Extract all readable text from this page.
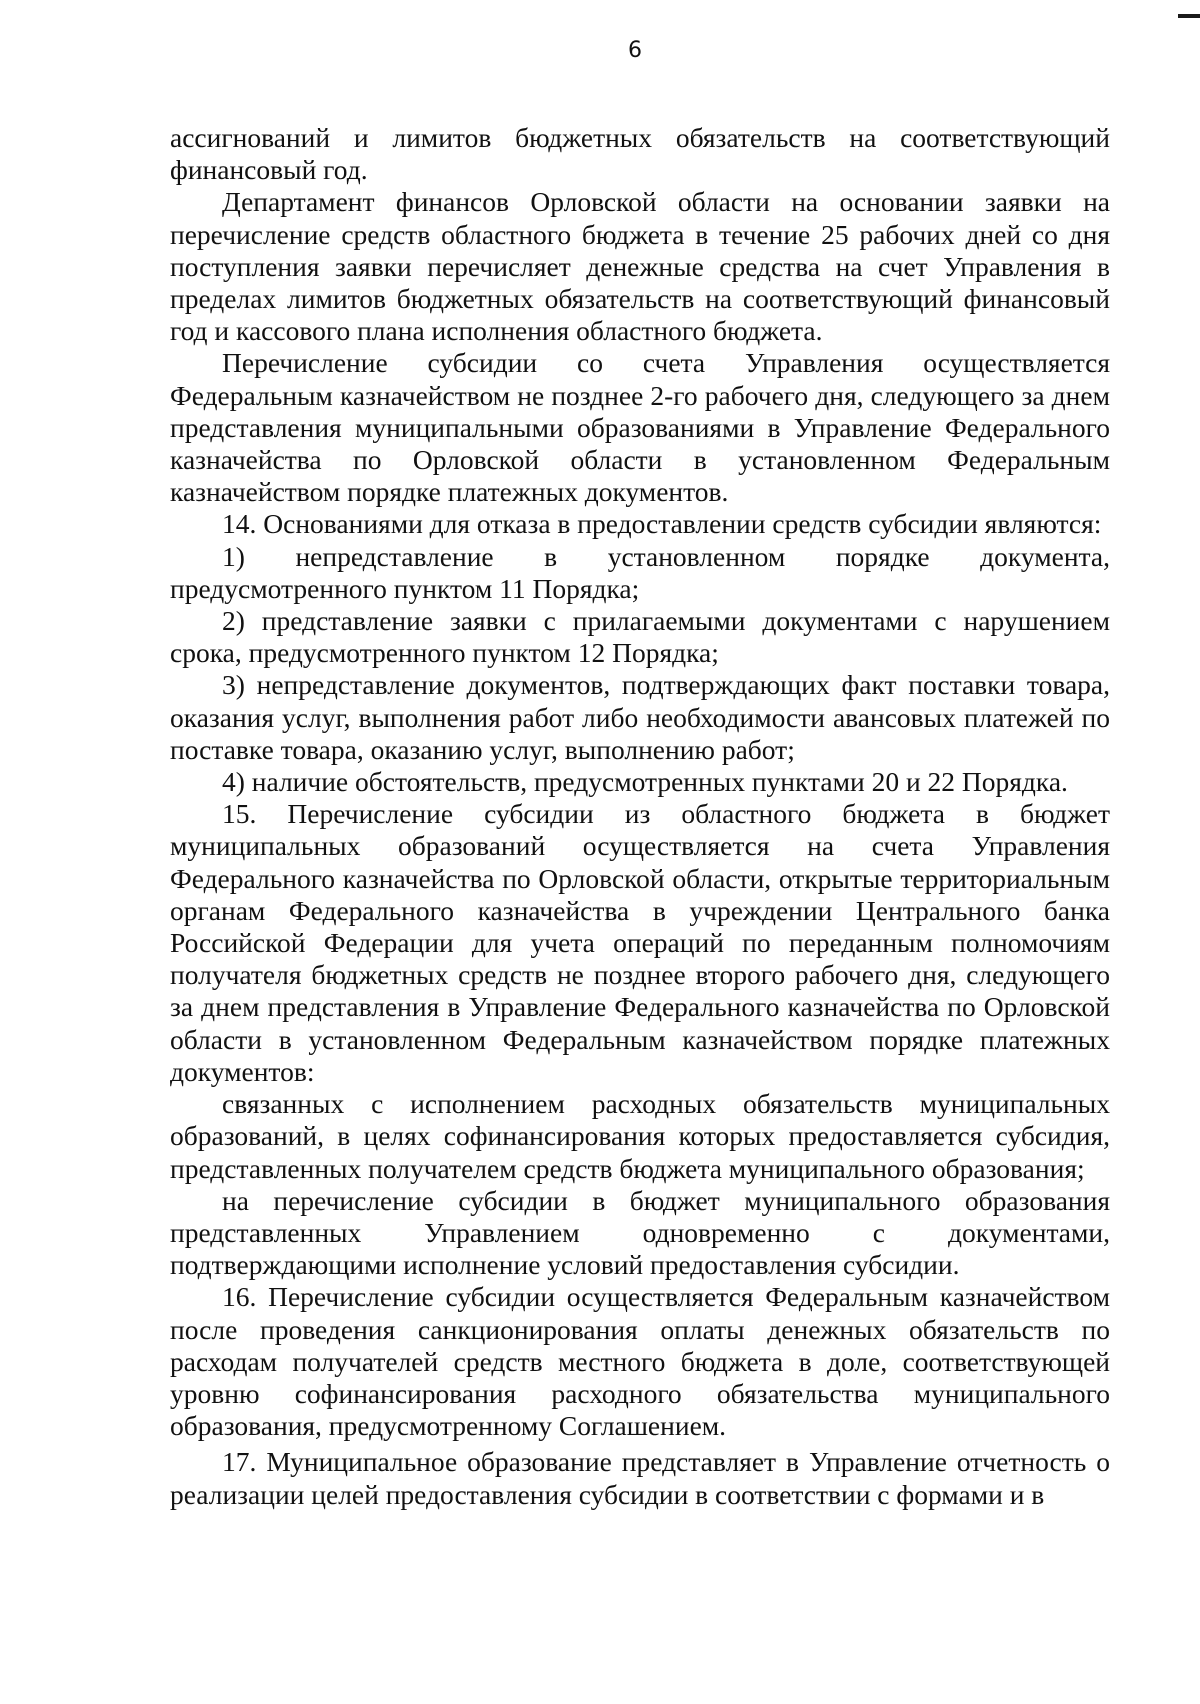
6

ассигнований и лимитов бюджетных обязательств на соответствующий финансовый год.

Департамент финансов Орловской области на основании заявки на перечисление средств областного бюджета в течение 25 рабочих дней со дня поступления заявки перечисляет денежные средства на счет Управления в пределах лимитов бюджетных обязательств на соответствующий финансовый год и кассового плана исполнения областного бюджета.

Перечисление субсидии со счета Управления осуществляется Федеральным казначейством не позднее 2-го рабочего дня, следующего за днем представления муниципальными образованиями в Управление Федерального казначейства по Орловской области в установленном Федеральным казначейством порядке платежных документов.

14. Основаниями для отказа в предоставлении средств субсидии являются:

1) непредставление в установленном порядке документа, предусмотренного пунктом 11 Порядка;

2) представление заявки с прилагаемыми документами с нарушением срока, предусмотренного пунктом 12 Порядка;

3) непредставление документов, подтверждающих факт поставки товара, оказания услуг, выполнения работ либо необходимости авансовых платежей по поставке товара, оказанию услуг, выполнению работ;

4) наличие обстоятельств, предусмотренных пунктами 20 и 22 Порядка.

15. Перечисление субсидии из областного бюджета в бюджет муниципальных образований осуществляется на счета Управления Федерального казначейства по Орловской области, открытые территориальным органам Федерального казначейства в учреждении Центрального банка Российской Федерации для учета операций по переданным полномочиям получателя бюджетных средств не позднее второго рабочего дня, следующего за днем представления в Управление Федерального казначейства по Орловской области в установленном Федеральным казначейством порядке платежных документов:

связанных с исполнением расходных обязательств муниципальных образований, в целях софинансирования которых предоставляется субсидия, представленных получателем средств бюджета муниципального образования;

на перечисление субсидии в бюджет муниципального образования представленных Управлением одновременно с документами, подтверждающими исполнение условий предоставления субсидии.

16. Перечисление субсидии осуществляется Федеральным казначейством после проведения санкционирования оплаты денежных обязательств по расходам получателей средств местного бюджета в доле, соответствующей уровню софинансирования расходного обязательства муниципального образования, предусмотренному Соглашением.

17. Муниципальное образование представляет в Управление отчетность о реализации целей предоставления субсидии в соответствии с формами и в
